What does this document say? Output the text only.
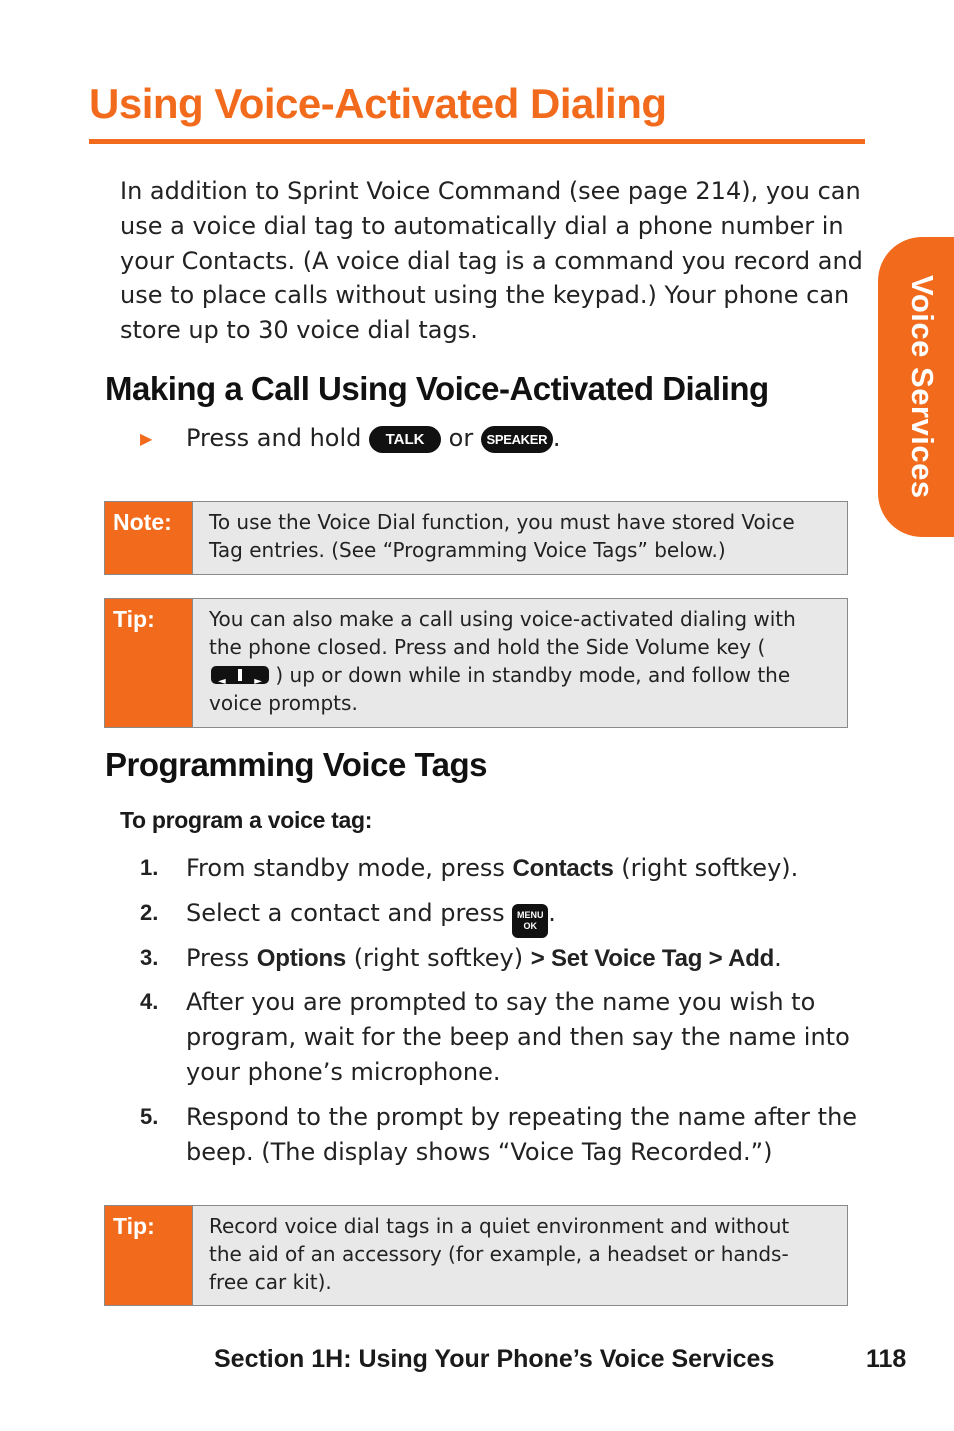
Using Voice-Activated Dialing

In addition to Sprint Voice Command (see page 214), you can use a voice dial tag to automatically dial a phone number in your Contacts. (A voice dial tag is a command you record and use to place calls without using the keypad.) Your phone can store up to 30 voice dial tags.

Making a Call Using Voice-Activated Dialing
▶ Press and hold TALK or SPEAKER .
Note:	To use the Voice Dial function, you must have stored Voice Tag entries. (See “Programming Voice Tags” below.)
Tip:	You can also make a call using voice-activated dialing with the phone closed. Press and hold the Side Volume key (
◄	► ) up or down while in standby mode, and follow the voice prompts.
Programming Voice Tags
To program a voice tag:
1. From standby mode, press Contacts (right softkey).
2. Select a contact and press MENU
OK .
3. Press Options (right softkey) > Set Voice Tag > Add.
4. After you are prompted to say the name you wish to program, wait for the beep and then say the name into your phone’s microphone.
5. Respond to the prompt by repeating the name after the beep. (The display shows “Voice Tag Recorded.”)
Tip:	Record voice dial tags in a quiet environment and without the aid of an accessory (for example, a headset or hands-free car kit).
Voice Services
Section 1H: Using Your Phone’s Voice Services	118
